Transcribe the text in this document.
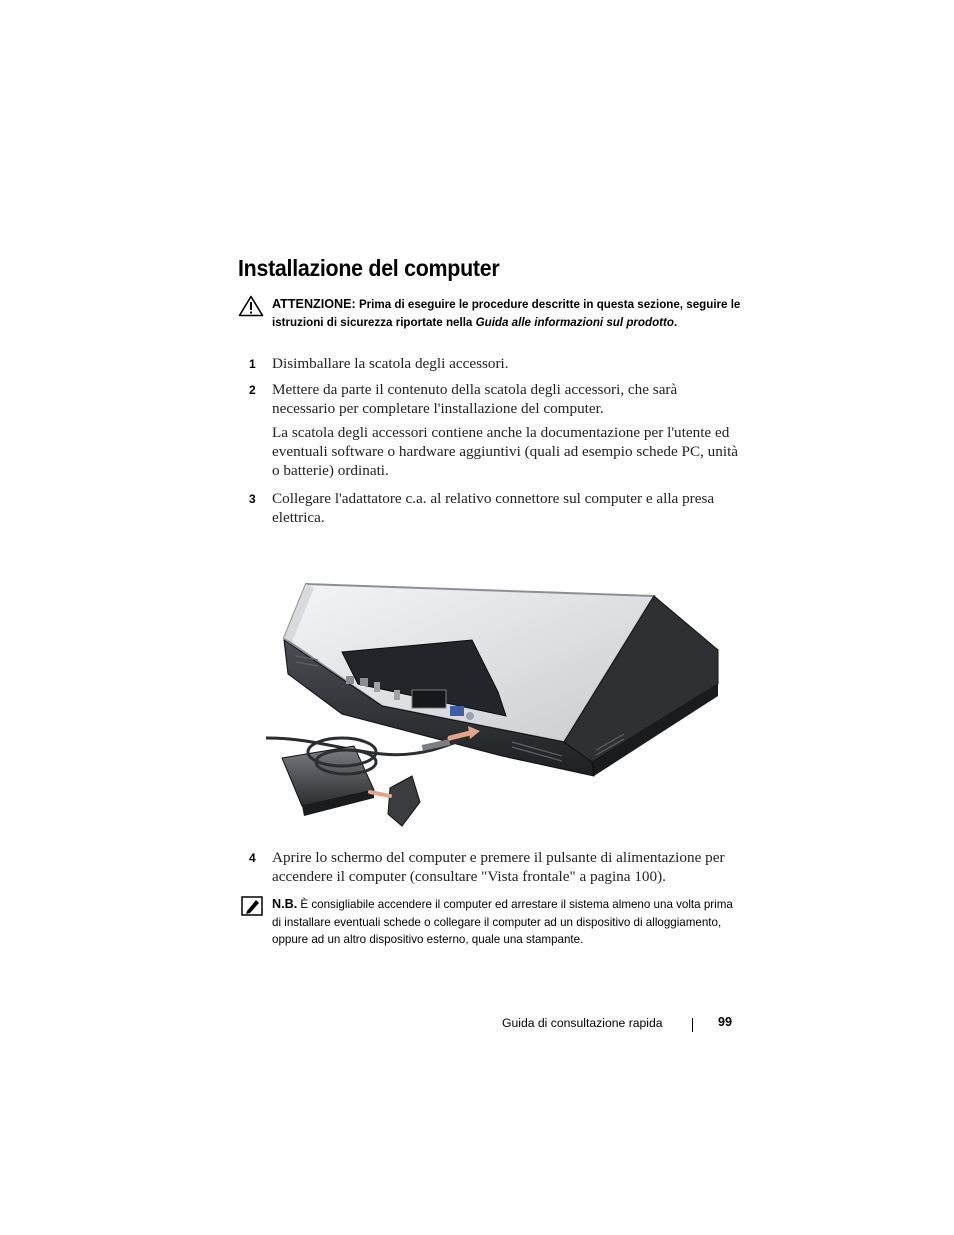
Installazione del computer
ATTENZIONE: Prima di eseguire le procedure descritte in questa sezione, seguire le istruzioni di sicurezza riportate nella Guida alle informazioni sul prodotto.
1 Disimballare la scatola degli accessori.
2 Mettere da parte il contenuto della scatola degli accessori, che sarà necessario per completare l'installazione del computer.
La scatola degli accessori contiene anche la documentazione per l'utente ed eventuali software o hardware aggiuntivi (quali ad esempio schede PC, unità o batterie) ordinati.
3 Collegare l'adattatore c.a. al relativo connettore sul computer e alla presa elettrica.
4 Aprire lo schermo del computer e premere il pulsante di alimentazione per accendere il computer (consultare "Vista frontale" a pagina 100).
N.B. È consigliabile accendere il computer ed arrestare il sistema almeno una volta prima di installare eventuali schede o collegare il computer ad un dispositivo di alloggiamento, oppure ad un altro dispositivo esterno, quale una stampante.
Guida di consultazione rapida	99
